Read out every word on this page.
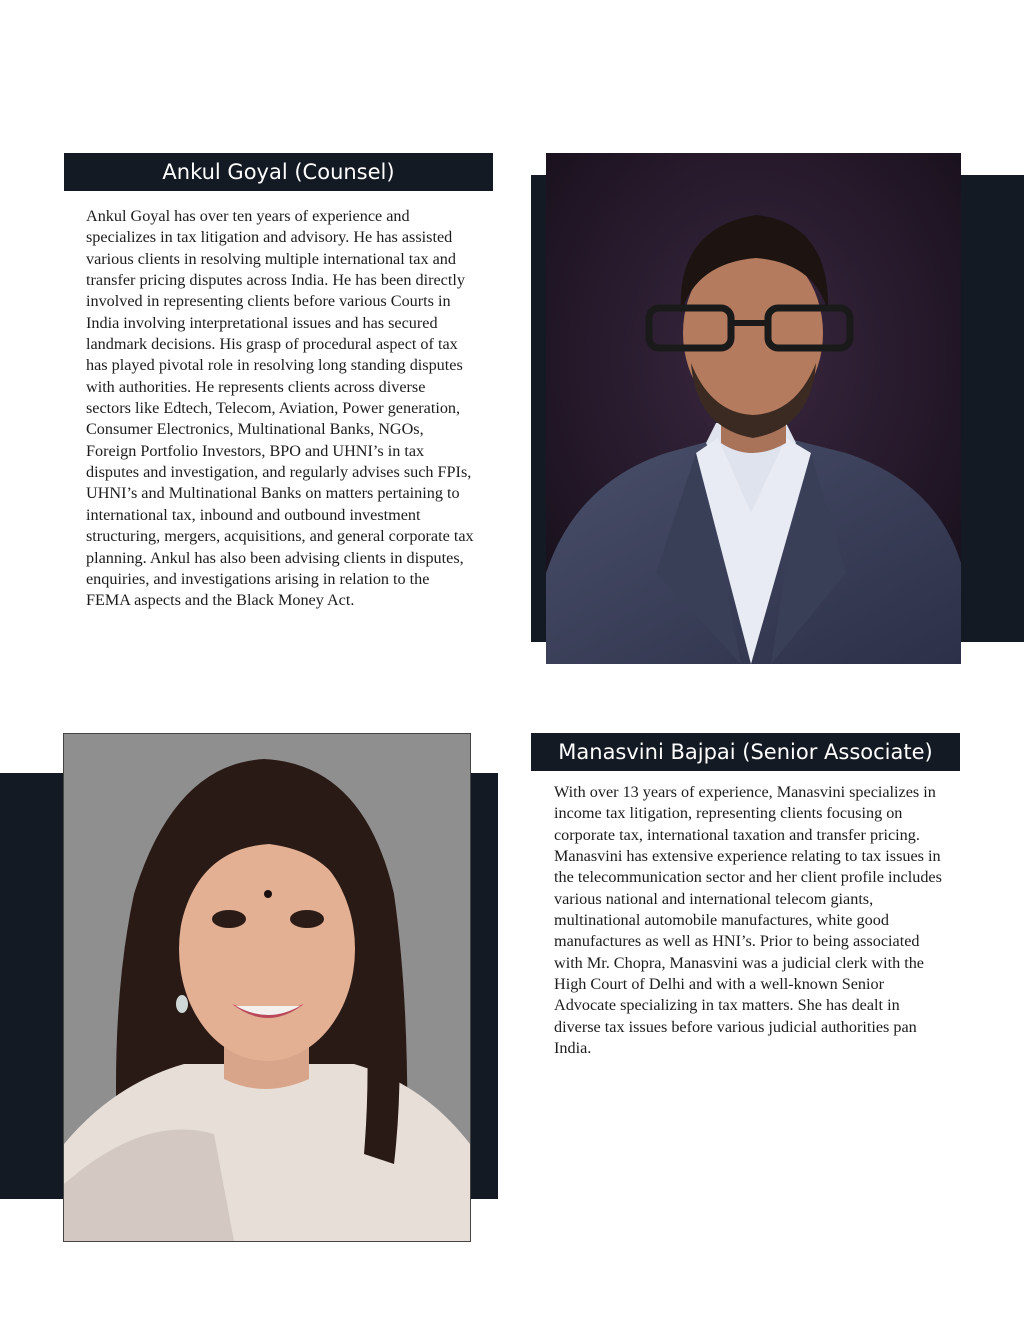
Ankul Goyal (Counsel)
Ankul Goyal has over ten years of experience and specializes in tax litigation and advisory. He has assisted various clients in resolving multiple international tax and transfer pricing disputes across India. He has been directly involved in representing clients before various Courts in India involving interpretational issues and has secured landmark decisions. His grasp of procedural aspect of tax has played pivotal role in resolving long standing disputes with authorities. He represents clients across diverse sectors like Edtech, Telecom, Aviation, Power generation, Consumer Electronics, Multinational Banks, NGOs, Foreign Portfolio Investors, BPO and UHNI’s in tax disputes and investigation, and regularly advises such FPIs, UHNI’s and Multinational Banks on matters pertaining to international tax, inbound and outbound investment structuring, mergers, acquisitions, and general corporate tax planning. Ankul has also been advising clients in disputes, enquiries, and investigations arising in relation to the FEMA aspects and the Black Money Act.
Manasvini Bajpai (Senior Associate)
With over 13 years of experience, Manasvini specializes in income tax litigation, representing clients focusing on corporate tax, international taxation and transfer pricing. Manasvini has extensive experience relating to tax issues in the telecommunication sector and her client profile includes various national and international telecom giants, multinational automobile manufactures, white good manufactures as well as HNI’s. Prior to being associated with Mr. Chopra, Manasvini was a judicial clerk with the High Court of Delhi and with a well-known Senior Advocate specializing in tax matters. She has dealt in diverse tax issues before various judicial authorities pan India.
